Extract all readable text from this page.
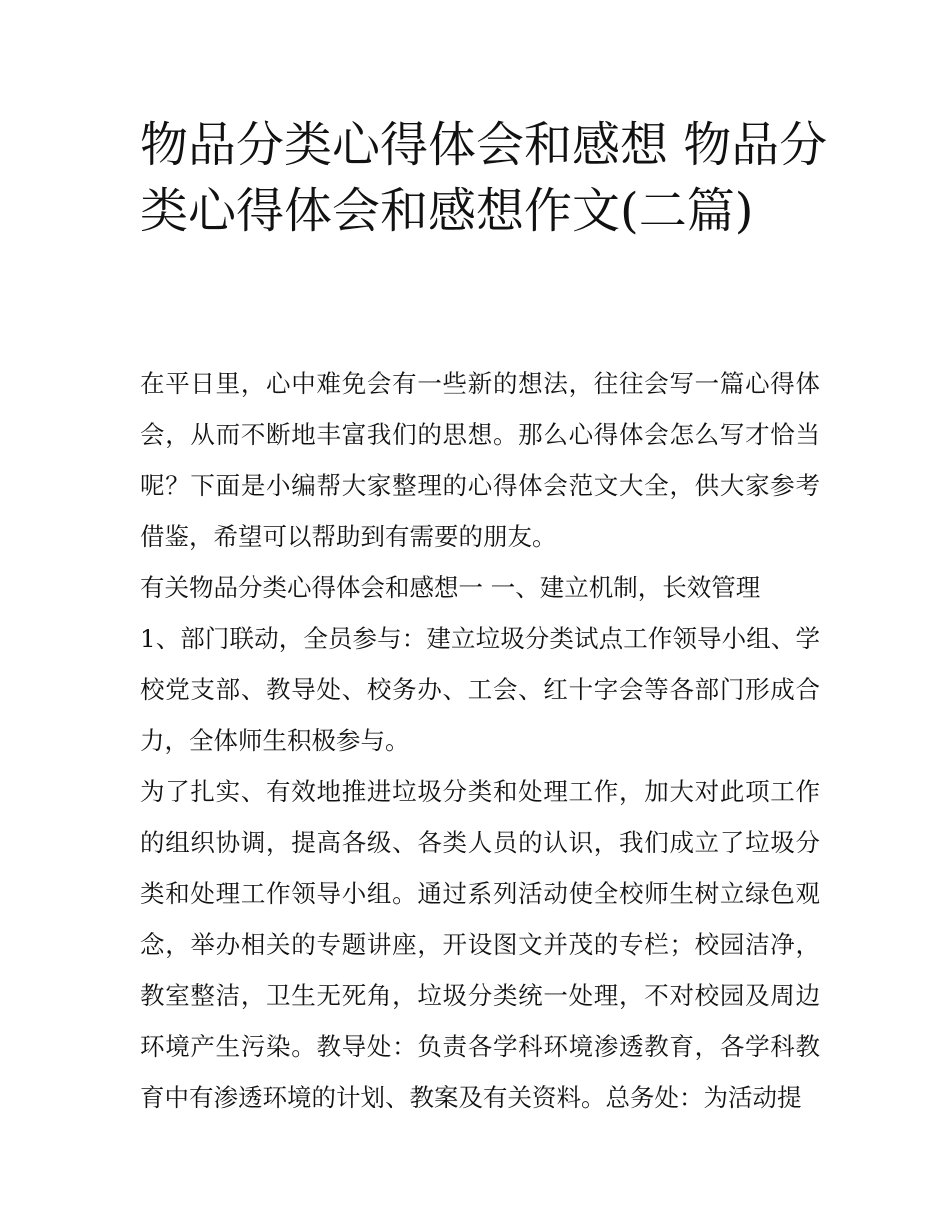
物品分类心得体会和感想 物品分类心得体会和感想作文(二篇)

在平日里，心中难免会有一些新的想法，往往会写一篇心得体会，从而不断地丰富我们的思想。那么心得体会怎么写才恰当呢？下面是小编帮大家整理的心得体会范文大全，供大家参考借鉴，希望可以帮助到有需要的朋友。

有关物品分类心得体会和感想一 一、建立机制，长效管理

1、部门联动，全员参与：建立垃圾分类试点工作领导小组、学校党支部、教导处、校务办、工会、红十字会等各部门形成合力，全体师生积极参与。

为了扎实、有效地推进垃圾分类和处理工作，加大对此项工作的组织协调，提高各级、各类人员的认识，我们成立了垃圾分类和处理工作领导小组。通过系列活动使全校师生树立绿色观念，举办相关的专题讲座，开设图文并茂的专栏；校园洁净，教室整洁，卫生无死角，垃圾分类统一处理，不对校园及周边环境产生污染。教导处：负责各学科环境渗透教育，各学科教育中有渗透环境的计划、教案及有关资料。总务处：为活动提
